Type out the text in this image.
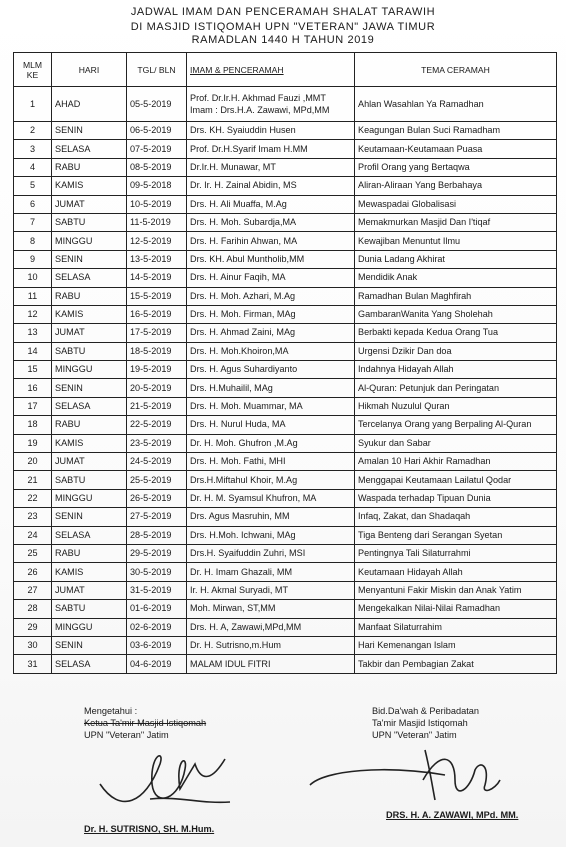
JADWAL IMAM DAN PENCERAMAH SHALAT TARAWIH
DI MASJID ISTIQOMAH UPN "VETERAN" JAWA TIMUR
RAMADLAN 1440 H TAHUN 2019
MLM KE	HARI	TGL/ BLN	IMAM & PENCERAMAH	TEMA CERAMAH
1	AHAD	05-5-2019	Prof. Dr.Ir.H. Akhmad Fauzi ,MMT
Imam : Drs.H.A. Zawawi, MPd,MM	Ahlan Wasahlan Ya Ramadhan
2	SENIN	06-5-2019	Drs. KH. Syaiuddin Husen	Keagungan Bulan Suci Ramadham
3	SELASA	07-5-2019	Prof. Dr.H.Syarif Imam H.MM	Keutamaan-Keutamaan Puasa
4	RABU	08-5-2019	Dr.Ir.H. Munawar, MT	Profil Orang yang Bertaqwa
5	KAMIS	09-5-2018	Dr. Ir. H. Zainal Abidin, MS	Aliran-Aliraan Yang Berbahaya
6	JUMAT	10-5-2019	Drs. H. Ali Muaffa, M.Ag	Mewaspadai Globalisasi
7	SABTU	11-5-2019	Drs. H. Moh. Subardja,MA	Memakmurkan Masjid Dan I'tiqaf
8	MINGGU	12-5-2019	Drs. H. Farihin Ahwan, MA	Kewajiban Menuntut Ilmu
9	SENIN	13-5-2019	Drs. KH. Abul Muntholib,MM	Dunia Ladang Akhirat
10	SELASA	14-5-2019	Drs. H. Ainur Faqih, MA	Mendidik Anak
11	RABU	15-5-2019	Drs. H. Moh. Azhari, M.Ag	Ramadhan Bulan Maghfirah
12	KAMIS	16-5-2019	Drs. H. Moh. Firman, MAg	GambaranWanita Yang Sholehah
13	JUMAT	17-5-2019	Drs. H. Ahmad Zaini, MAg	Berbakti kepada Kedua Orang Tua
14	SABTU	18-5-2019	Drs. H. Moh.Khoiron,MA	Urgensi Dzikir Dan doa
15	MINGGU	19-5-2019	Drs. H. Agus Suhardiyanto	Indahnya Hidayah Allah
16	SENIN	20-5-2019	Drs. H.Muhailil, MAg	Al-Quran: Petunjuk dan Peringatan
17	SELASA	21-5-2019	Drs. H. Moh. Muammar, MA	Hikmah Nuzulul Quran
18	RABU	22-5-2019	Drs. H. Nurul Huda, MA	Tercelanya Orang yang Berpaling Al-Quran
19	KAMIS	23-5-2019	Dr. H. Moh. Ghufron ,M.Ag	Syukur dan Sabar
20	JUMAT	24-5-2019	Drs. H. Moh. Fathi, MHI	Amalan 10 Hari Akhir Ramadhan
21	SABTU	25-5-2019	Drs.H.Miftahul Khoir, M.Ag	Menggapai Keutamaan Lailatul Qodar
22	MINGGU	26-5-2019	Dr. H. M. Syamsul Khufron, MA	Waspada terhadap Tipuan Dunia
23	SENIN	27-5-2019	Drs. Agus Masruhin, MM	Infaq, Zakat, dan Shadaqah
24	SELASA	28-5-2019	Drs. H.Moh. Ichwani, MAg	Tiga Benteng dari Serangan Syetan
25	RABU	29-5-2019	Drs.H. Syaifuddin Zuhri, MSI	Pentingnya Tali Silaturrahmi
26	KAMIS	30-5-2019	Dr. H. Imam Ghazali, MM	Keutamaan Hidayah Allah
27	JUMAT	31-5-2019	Ir. H. Akmal Suryadi, MT	Menyantuni Fakir Miskin dan Anak Yatim
28	SABTU	01-6-2019	Moh. Mirwan, ST,MM	Mengekalkan Nilai-Nilai Ramadhan
29	MINGGU	02-6-2019	Drs. H. A, Zawawi,MPd,MM	Manfaat Silaturrahim
30	SENIN	03-6-2019	Dr. H. Sutrisno,m.Hum	Hari Kemenangan Islam
31	SELASA	04-6-2019	MALAM IDUL FITRI	Takbir dan Pembagian Zakat
Mengetahui :
Ketua Ta'mir Masjid Istiqomah
UPN "Veteran" Jatim
Dr. H. SUTRISNO, SH. M.Hum.
Bid.Da'wah & Peribadatan
Ta'mir Masjid Istiqomah
UPN "Veteran" Jatim
DRS. H. A. ZAWAWI, MPd. MM.
